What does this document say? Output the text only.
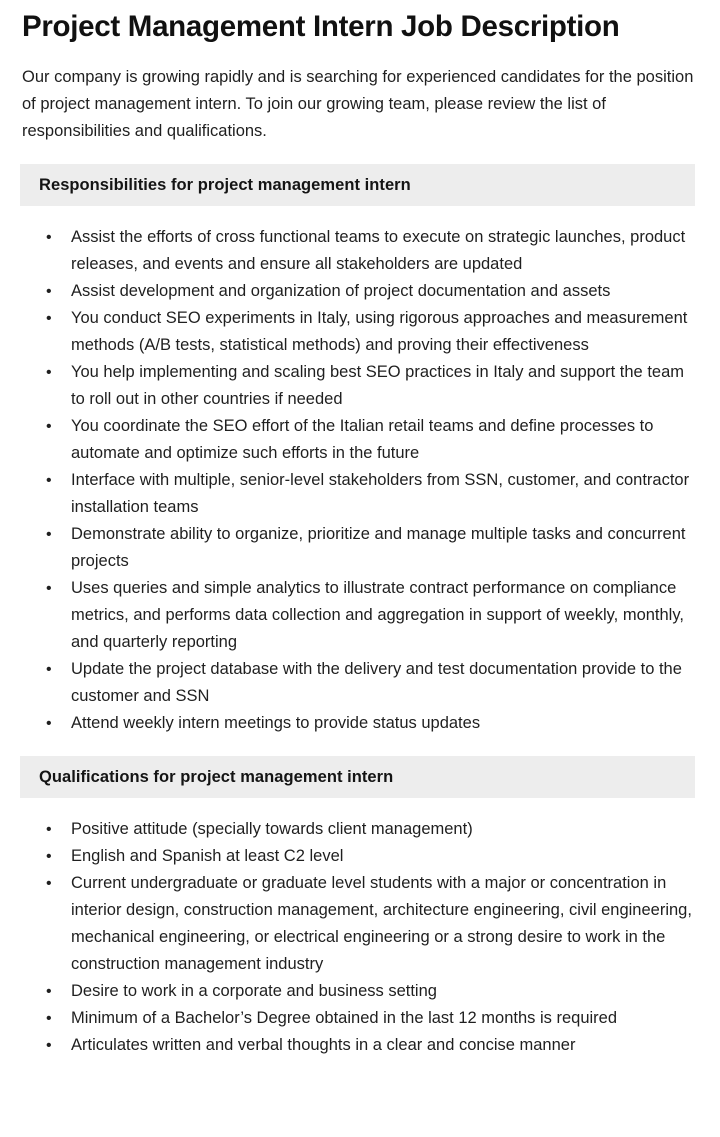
Project Management Intern Job Description

Our company is growing rapidly and is searching for experienced candidates for the position of project management intern. To join our growing team, please review the list of responsibilities and qualifications.

Responsibilities for project management intern
• Assist the efforts of cross functional teams to execute on strategic launches, product releases, and events and ensure all stakeholders are updated
• Assist development and organization of project documentation and assets
• You conduct SEO experiments in Italy, using rigorous approaches and measurement methods (A/B tests, statistical methods) and proving their effectiveness
• You help implementing and scaling best SEO practices in Italy and support the team to roll out in other countries if needed
• You coordinate the SEO effort of the Italian retail teams and define processes to automate and optimize such efforts in the future
• Interface with multiple, senior-level stakeholders from SSN, customer, and contractor installation teams
• Demonstrate ability to organize, prioritize and manage multiple tasks and concurrent projects
• Uses queries and simple analytics to illustrate contract performance on compliance metrics, and performs data collection and aggregation in support of weekly, monthly, and quarterly reporting
• Update the project database with the delivery and test documentation provide to the customer and SSN
• Attend weekly intern meetings to provide status updates
Qualifications for project management intern
• Positive attitude (specially towards client management)
• English and Spanish at least C2 level
• Current undergraduate or graduate level students with a major or concentration in interior design, construction management, architecture engineering, civil engineering, mechanical engineering, or electrical engineering or a strong desire to work in the construction management industry
• Desire to work in a corporate and business setting
• Minimum of a Bachelor’s Degree obtained in the last 12 months is required
• Articulates written and verbal thoughts in a clear and concise manner
